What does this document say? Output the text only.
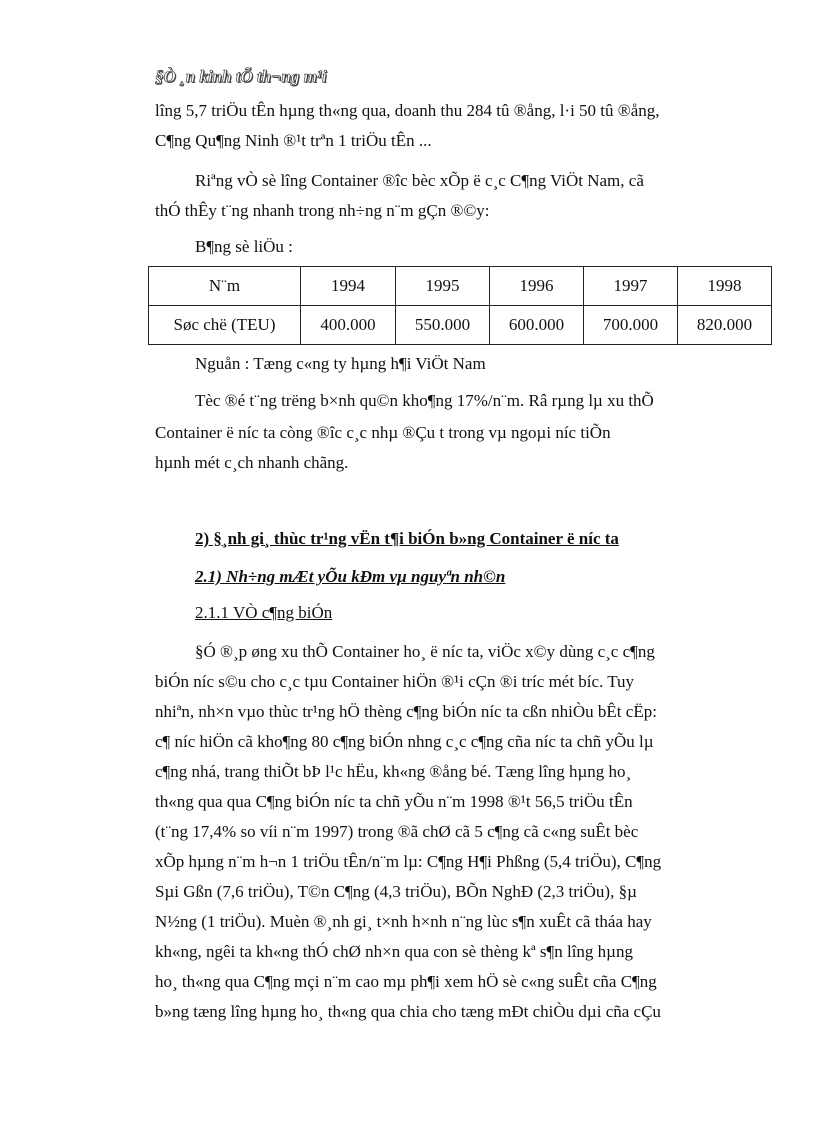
§Ò ¸n kinh tÕ th¬ng m¹i
lîng 5,7 triÖu tÊn hµng th«ng qua, doanh thu 284 tû ®ång, l·i 50 tû ®ång,
C¶ng Qu¶ng Ninh ®¹t trªn 1 triÖu tÊn ...
Riªng vÒ sè lîng Container ®îc bèc xÕp ë c¸c C¶ng ViÖt Nam, cã
thÓ thÊy t¨ng nhanh trong nh÷ng n¨m gÇn ®©y:
B¶ng sè liÖu :
N¨m	1994	1995	1996	1997	1998
Søc chë (TEU)	400.000	550.000	600.000	700.000	820.000
Nguån : Tæng c«ng ty hµng h¶i ViÖt Nam
Tèc ®é t¨ng trëng b×nh qu©n kho¶ng 17%/n¨m. Râ rµng lµ xu thÕ
Container ë níc ta còng ®îc c¸c nhµ ®Çu t trong vµ ngoµi níc tiÕn
hµnh mét c¸ch nhanh chãng.
2) §¸nh gi¸ thùc tr¹ng vËn t¶i biÓn b»ng Container ë níc ta
2.1) Nh÷ng mÆt yÕu kÐm vµ nguyªn nh©n
2.1.1 VÒ c¶ng biÓn
§Ó ®¸p øng xu thÕ Container ho¸ ë níc ta, viÖc x©y dùng c¸c c¶ng
biÓn níc s©u cho c¸c tµu Container hiÖn ®¹i cÇn ®i tríc mét bíc. Tuy
nhiªn, nh×n vµo thùc tr¹ng hÖ thèng c¶ng biÓn níc ta cßn nhiÒu bÊt cËp:
c¶ níc hiÖn cã kho¶ng 80 c¶ng biÓn nhng c¸c c¶ng cña níc ta chñ yÕu lµ
c¶ng nhá, trang thiÕt bÞ l¹c hËu, kh«ng ®ång bé. Tæng lîng hµng ho¸
th«ng qua qua C¶ng biÓn níc ta chñ yÕu n¨m 1998 ®¹t 56,5 triÖu tÊn
(t¨ng 17,4% so víi n¨m 1997) trong ®ã chØ cã 5 c¶ng cã c«ng suÊt bèc
xÕp hµng n¨m h¬n 1 triÖu tÊn/n¨m lµ: C¶ng H¶i Phßng (5,4 triÖu), C¶ng
Sµi Gßn (7,6 triÖu), T©n C¶ng (4,3 triÖu), BÕn NghÐ (2,3 triÖu), §µ
N½ng (1 triÖu). Muèn ®¸nh gi¸ t×nh h×nh n¨ng lùc s¶n xuÊt cã tháa hay
kh«ng, ngêi ta kh«ng thÓ chØ nh×n qua con sè thèng kª s¶n lîng hµng
ho¸ th«ng qua C¶ng mçi n¨m cao mµ ph¶i xem hÖ sè c«ng suÊt cña C¶ng
b»ng tæng lîng hµng ho¸ th«ng qua chia cho tæng mÐt chiÒu dµi cña cÇu
